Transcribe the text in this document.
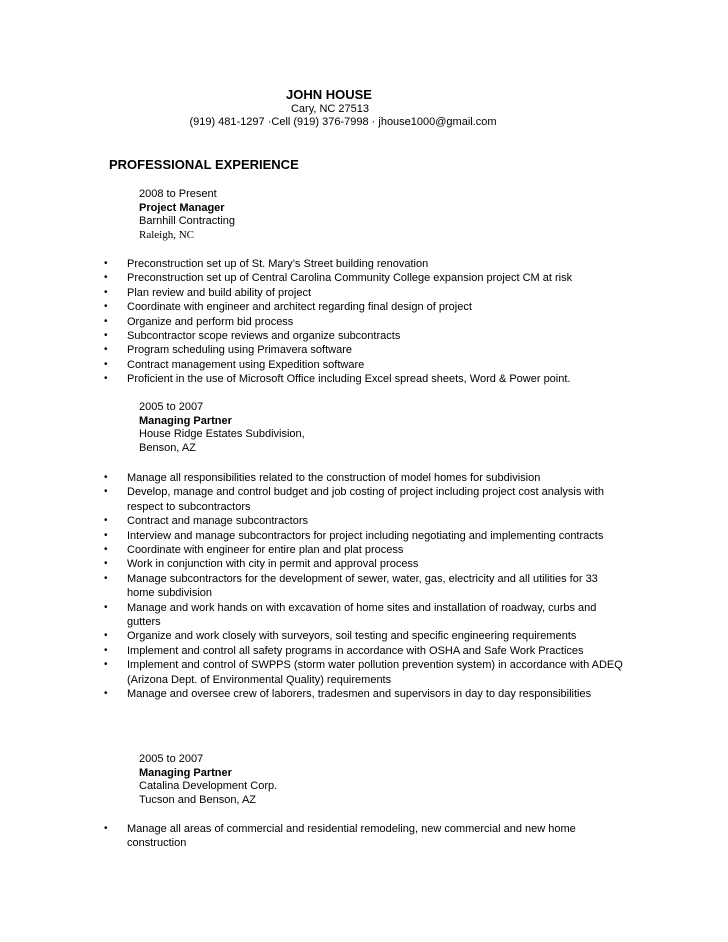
JOHN HOUSE
Cary, NC 27513
(919) 481-1297 ·Cell (919) 376-7998 · jhouse1000@gmail.com
PROFESSIONAL EXPERIENCE
2008 to Present
Project Manager
Barnhill Contracting
Raleigh, NC
• Preconstruction set up of St. Mary’s Street building renovation
• Preconstruction set up of Central Carolina Community College expansion project CM at risk
• Plan review and build ability of project
• Coordinate with engineer and architect regarding final design of project
• Organize and perform bid process
• Subcontractor scope reviews and organize subcontracts
• Program scheduling using Primavera software
• Contract management using Expedition software
• Proficient in the use of Microsoft Office including Excel spread sheets, Word & Power point.
2005 to 2007
Managing Partner
House Ridge Estates Subdivision,
Benson, AZ
• Manage all responsibilities related to the construction of model homes for subdivision
• Develop, manage and control budget and job costing of project including project cost analysis with respect to subcontractors
• Contract and manage subcontractors
• Interview and manage subcontractors for project including negotiating and implementing contracts
• Coordinate with engineer for entire plan and plat process
• Work in conjunction with city in permit and approval process
• Manage subcontractors for the development of sewer, water, gas, electricity and all utilities for 33 home subdivision
• Manage and work hands on with excavation of home sites and installation of roadway, curbs and gutters
• Organize and work closely with surveyors, soil testing and specific engineering requirements
• Implement and control all safety programs in accordance with OSHA and Safe Work Practices
• Implement and control of SWPPS (storm water pollution prevention system) in accordance with ADEQ (Arizona Dept. of Environmental Quality) requirements
• Manage and oversee crew of laborers, tradesmen and supervisors in day to day responsibilities
2005 to 2007
Managing Partner
Catalina Development Corp.
Tucson and Benson, AZ
• Manage all areas of commercial and residential remodeling, new commercial and new home construction
